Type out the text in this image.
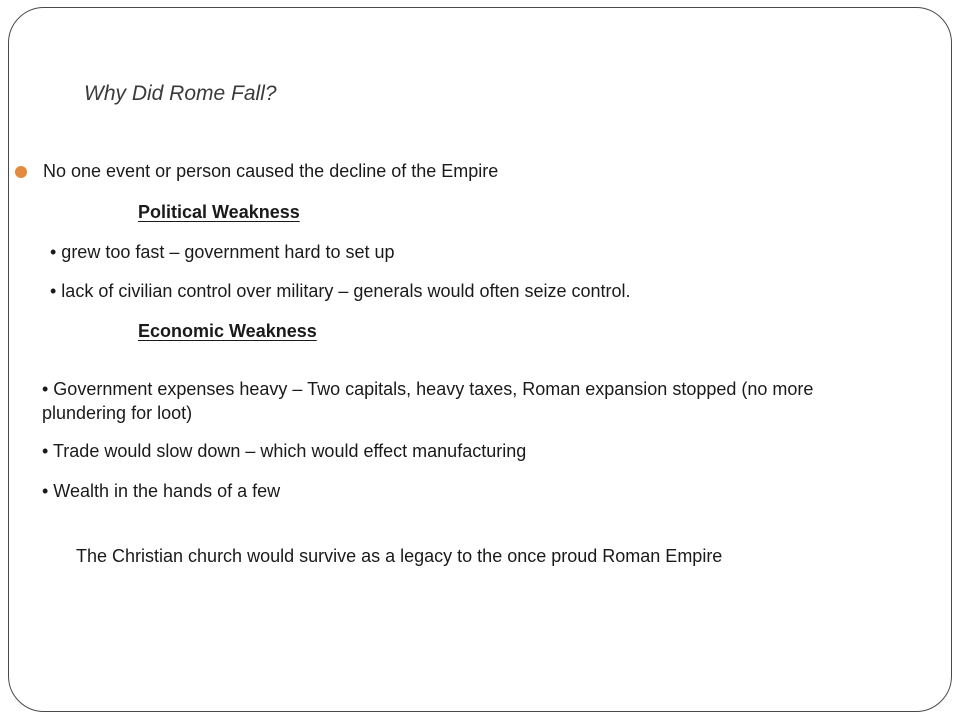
Why Did Rome Fall?
No one event or person caused the decline of the Empire
Political Weakness
• grew too fast – government hard to set up
• lack of civilian control over military – generals would often seize control.
Economic Weakness
• Government expenses heavy – Two capitals, heavy taxes, Roman expansion stopped (no more plundering for loot)
• Trade would slow down – which would effect manufacturing
• Wealth in the hands of a few
The Christian church would survive as a legacy to the once proud Roman Empire
